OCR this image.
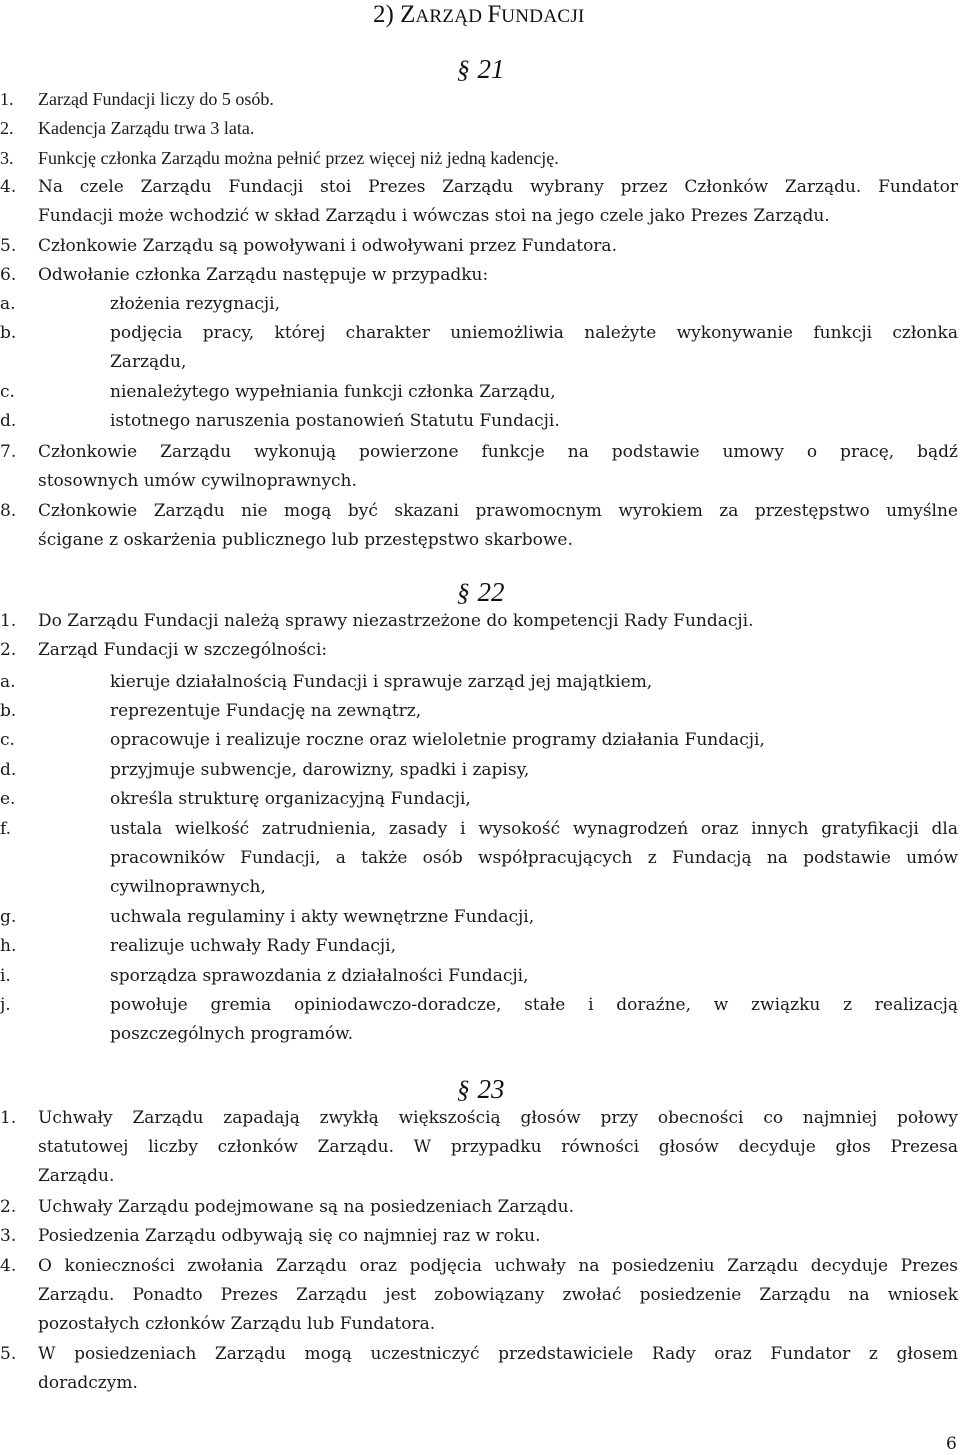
2) ZARZĄD FUNDACJI
§ 21
1. Zarząd Fundacji liczy do 5 osób.
2. Kadencja Zarządu trwa 3 lata.
3. Funkcję członka Zarządu można pełnić przez więcej niż jedną kadencję.
4. Na czele Zarządu Fundacji stoi Prezes Zarządu wybrany przez Członków Zarządu. Fundator
Fundacji może wchodzić w skład Zarządu i wówczas stoi na jego czele jako Prezes Zarządu.
5. Członkowie Zarządu są powoływani i odwoływani przez Fundatora.
6. Odwołanie członka Zarządu następuje w przypadku:
a.	złożenia rezygnacji,
b.	podjęcia pracy, której charakter uniemożliwia należyte wykonywanie funkcji członka
Zarządu,
c.	nienależytego wypełniania funkcji członka Zarządu,
d.	istotnego naruszenia postanowień Statutu Fundacji.
7. Członkowie Zarządu wykonują powierzone funkcje na podstawie umowy o pracę, bądź
stosownych umów cywilnoprawnych.
8. Członkowie Zarządu nie mogą być skazani prawomocnym wyrokiem za przestępstwo umyślne
ścigane z oskarżenia publicznego lub przestępstwo skarbowe.
§ 22
1. Do Zarządu Fundacji należą sprawy niezastrzeżone do kompetencji Rady Fundacji.
2. Zarząd Fundacji w szczególności:
a.	kieruje działalnością Fundacji i sprawuje zarząd jej majątkiem,
b.	reprezentuje Fundację na zewnątrz,
c.	opracowuje i realizuje roczne oraz wieloletnie programy działania Fundacji,
d.	przyjmuje subwencje, darowizny, spadki i zapisy,
e.	określa strukturę organizacyjną Fundacji,
f.	ustala wielkość zatrudnienia, zasady i wysokość wynagrodzeń oraz innych gratyfikacji dla
pracowników Fundacji, a także osób współpracujących z Fundacją na podstawie umów
cywilnoprawnych,
g.	uchwala regulaminy i akty wewnętrzne Fundacji,
h.	realizuje uchwały Rady Fundacji,
i.	sporządza sprawozdania z działalności Fundacji,
j.	powołuje gremia opiniodawczo-doradcze, stałe i doraźne, w związku z realizacją
poszczególnych programów.
§ 23
1. Uchwały Zarządu zapadają zwykłą większością głosów przy obecności co najmniej połowy
statutowej liczby członków Zarządu. W przypadku równości głosów decyduje głos Prezesa
Zarządu.
2. Uchwały Zarządu podejmowane są na posiedzeniach Zarządu.
3. Posiedzenia Zarządu odbywają się co najmniej raz w roku.
4. O konieczności zwołania Zarządu oraz podjęcia uchwały na posiedzeniu Zarządu decyduje Prezes
Zarządu. Ponadto Prezes Zarządu jest zobowiązany zwołać posiedzenie Zarządu na wniosek
pozostałych członków Zarządu lub Fundatora.
5. W posiedzeniach Zarządu mogą uczestniczyć przedstawiciele Rady oraz Fundator z głosem
doradczym.
6
